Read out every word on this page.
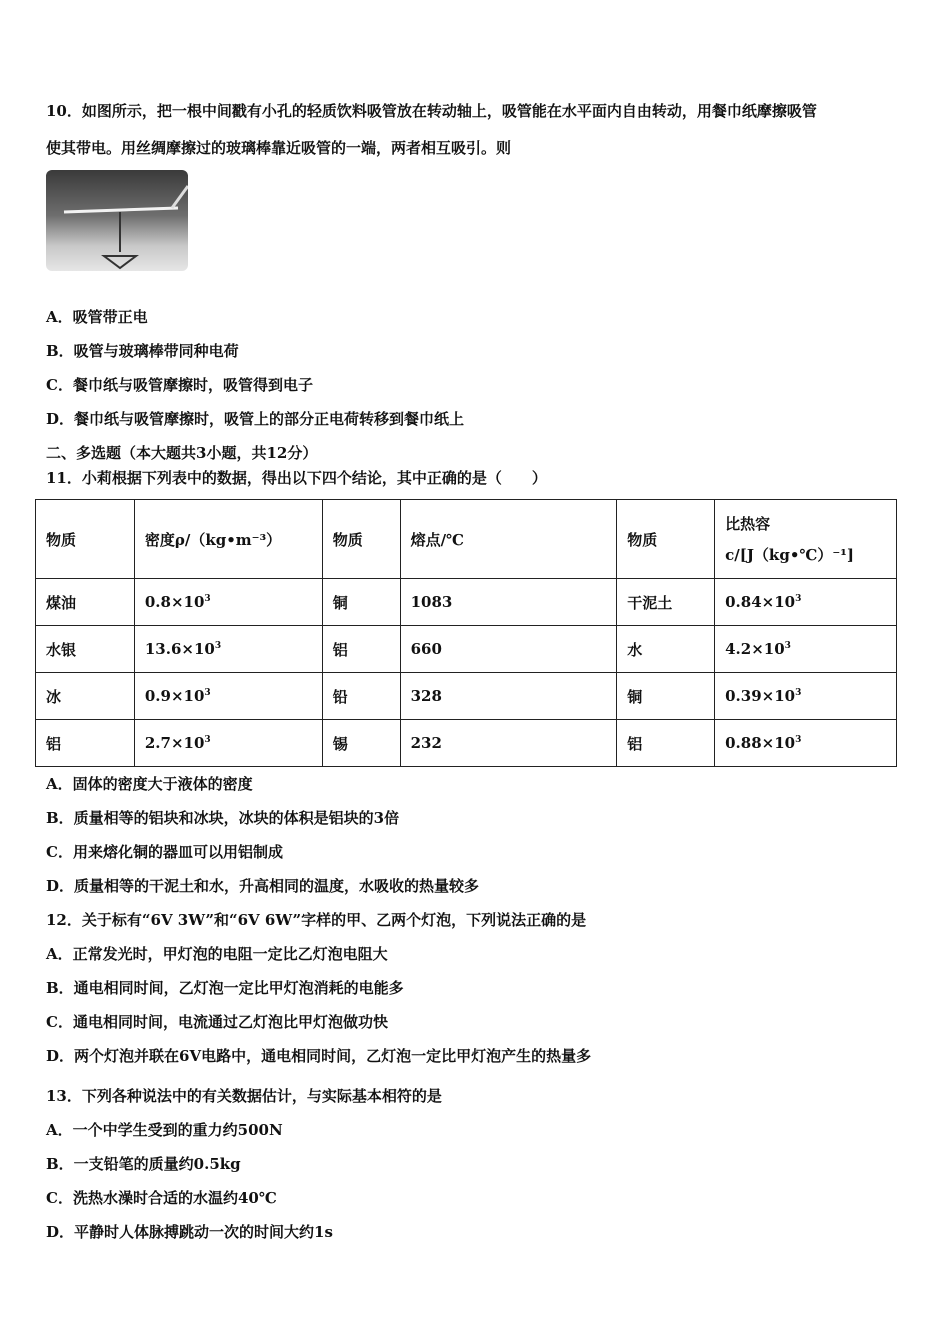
10．如图所示，把一根中间戳有小孔的轻质饮料吸管放在转动轴上，吸管能在水平面内自由转动，用餐巾纸摩擦吸管
使其带电。用丝绸摩擦过的玻璃棒靠近吸管的一端，两者相互吸引。则
A．吸管带正电
B．吸管与玻璃棒带同种电荷
C．餐巾纸与吸管摩擦时，吸管得到电子
D．餐巾纸与吸管摩擦时，吸管上的部分正电荷转移到餐巾纸上
二、多选题（本大题共3小题，共12分）
11．小莉根据下列表中的数据，得出以下四个结论，其中正确的是（　　）
物质	密度ρ/（kg•m⁻³）	物质	熔点/℃	物质	比热容
c/[J（kg•℃）⁻¹]

煤油	$0.8\times 10^3$	铜	1083	干泥土	$0.84\times 10^3$
水银	$13.6\times 10^3$	铝	660	水	$4.2\times 10^3$
冰	$0.9\times 10^3$	铅	328	铜	$0.39\times 10^3$
铝	$2.7\times 10^3$	锡	232	铝	$0.88\times 10^3$
A．固体的密度大于液体的密度
B．质量相等的铝块和冰块，冰块的体积是铝块的3倍
C．用来熔化铜的器皿可以用铝制成
D．质量相等的干泥土和水，升高相同的温度，水吸收的热量较多
12．关于标有“6V 3W”和“6V 6W”字样的甲、乙两个灯泡，下列说法正确的是
A．正常发光时，甲灯泡的电阻一定比乙灯泡电阻大
B．通电相同时间，乙灯泡一定比甲灯泡消耗的电能多
C．通电相同时间，电流通过乙灯泡比甲灯泡做功快
D．两个灯泡并联在6V电路中，通电相同时间，乙灯泡一定比甲灯泡产生的热量多
13．下列各种说法中的有关数据估计，与实际基本相符的是
A．一个中学生受到的重力约500N
B．一支铅笔的质量约0.5kg
C．洗热水澡时合适的水温约40℃
D．平静时人体脉搏跳动一次的时间大约1s
